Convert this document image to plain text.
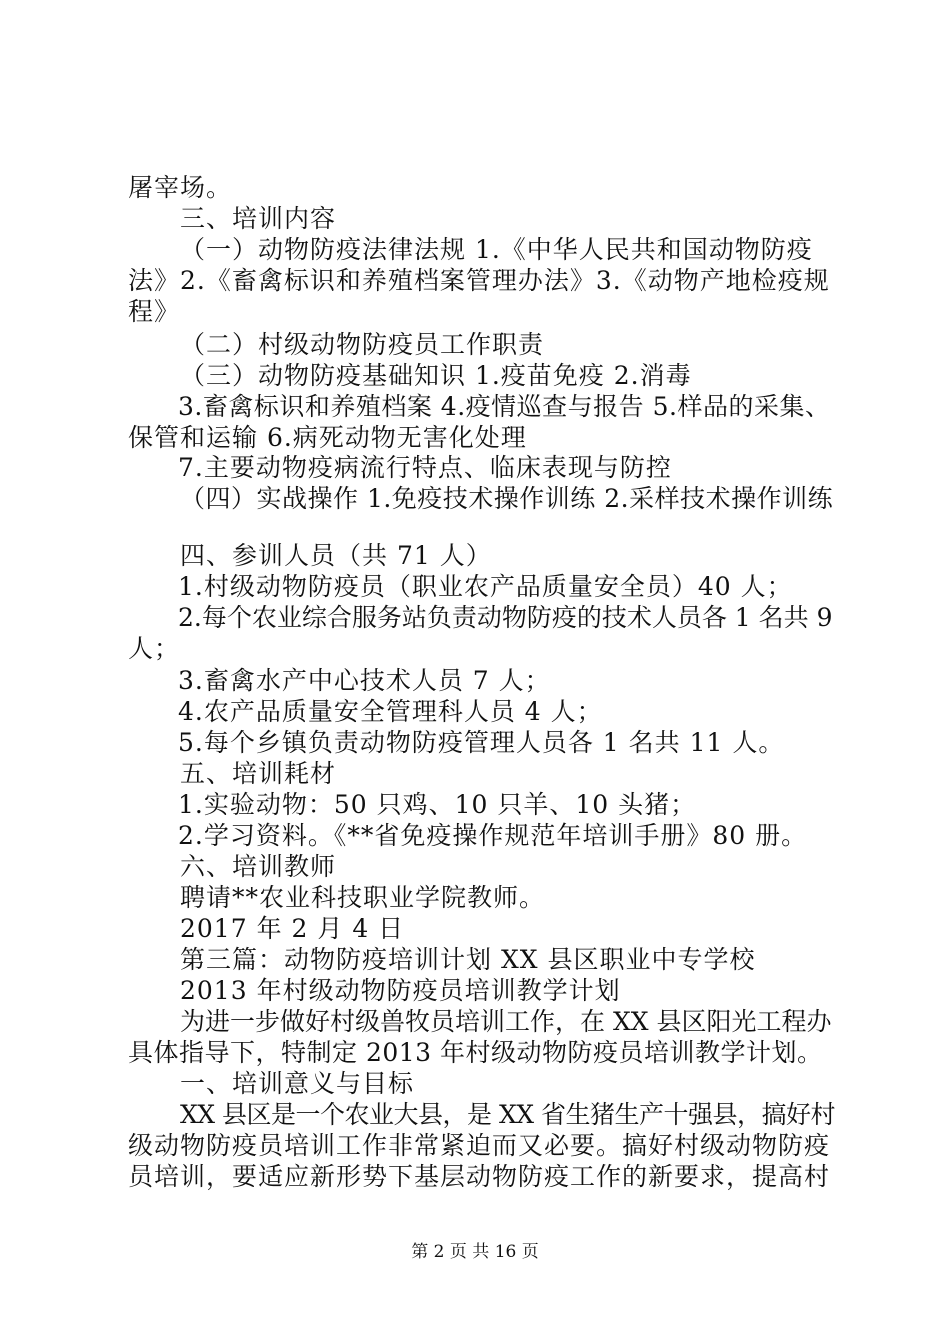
屠宰场。
三、培训内容
（一）动物防疫法律法规 1.《中华人民共和国动物防疫
法》2.《畜禽标识和养殖档案管理办法》3.《动物产地检疫规
程》
（二）村级动物防疫员工作职责
（三）动物防疫基础知识 1.疫苗免疫 2.消毒
3.畜禽标识和养殖档案 4.疫情巡查与报告 5.样品的采集、
保管和运输 6.病死动物无害化处理
7.主要动物疫病流行特点、临床表现与防控
（四）实战操作 1.免疫技术操作训练 2.采样技术操作训练
四、参训人员（共 71 人）
1.村级动物防疫员（职业农产品质量安全员）40 人；
2.每个农业综合服务站负责动物防疫的技术人员各 1 名共 9
人；
3.畜禽水产中心技术人员 7 人；
4.农产品质量安全管理科人员 4 人；
5.每个乡镇负责动物防疫管理人员各 1 名共 11 人。
五、培训耗材
1.实验动物：50 只鸡、10 只羊、10 头猪；
2.学习资料。《**省免疫操作规范年培训手册》80 册。
六、培训教师
聘请**农业科技职业学院教师。
2017 年 2 月 4 日
第三篇：动物防疫培训计划 XX 县区职业中专学校
2013 年村级动物防疫员培训教学计划
为进一步做好村级兽牧员培训工作，在 XX 县区阳光工程办
具体指导下，特制定 2013 年村级动物防疫员培训教学计划。
一、培训意义与目标
XX 县区是一个农业大县，是 XX 省生猪生产十强县，搞好村
级动物防疫员培训工作非常紧迫而又必要。搞好村级动物防疫
员培训，要适应新形势下基层动物防疫工作的新要求，提高村
第 2 页 共 16 页
